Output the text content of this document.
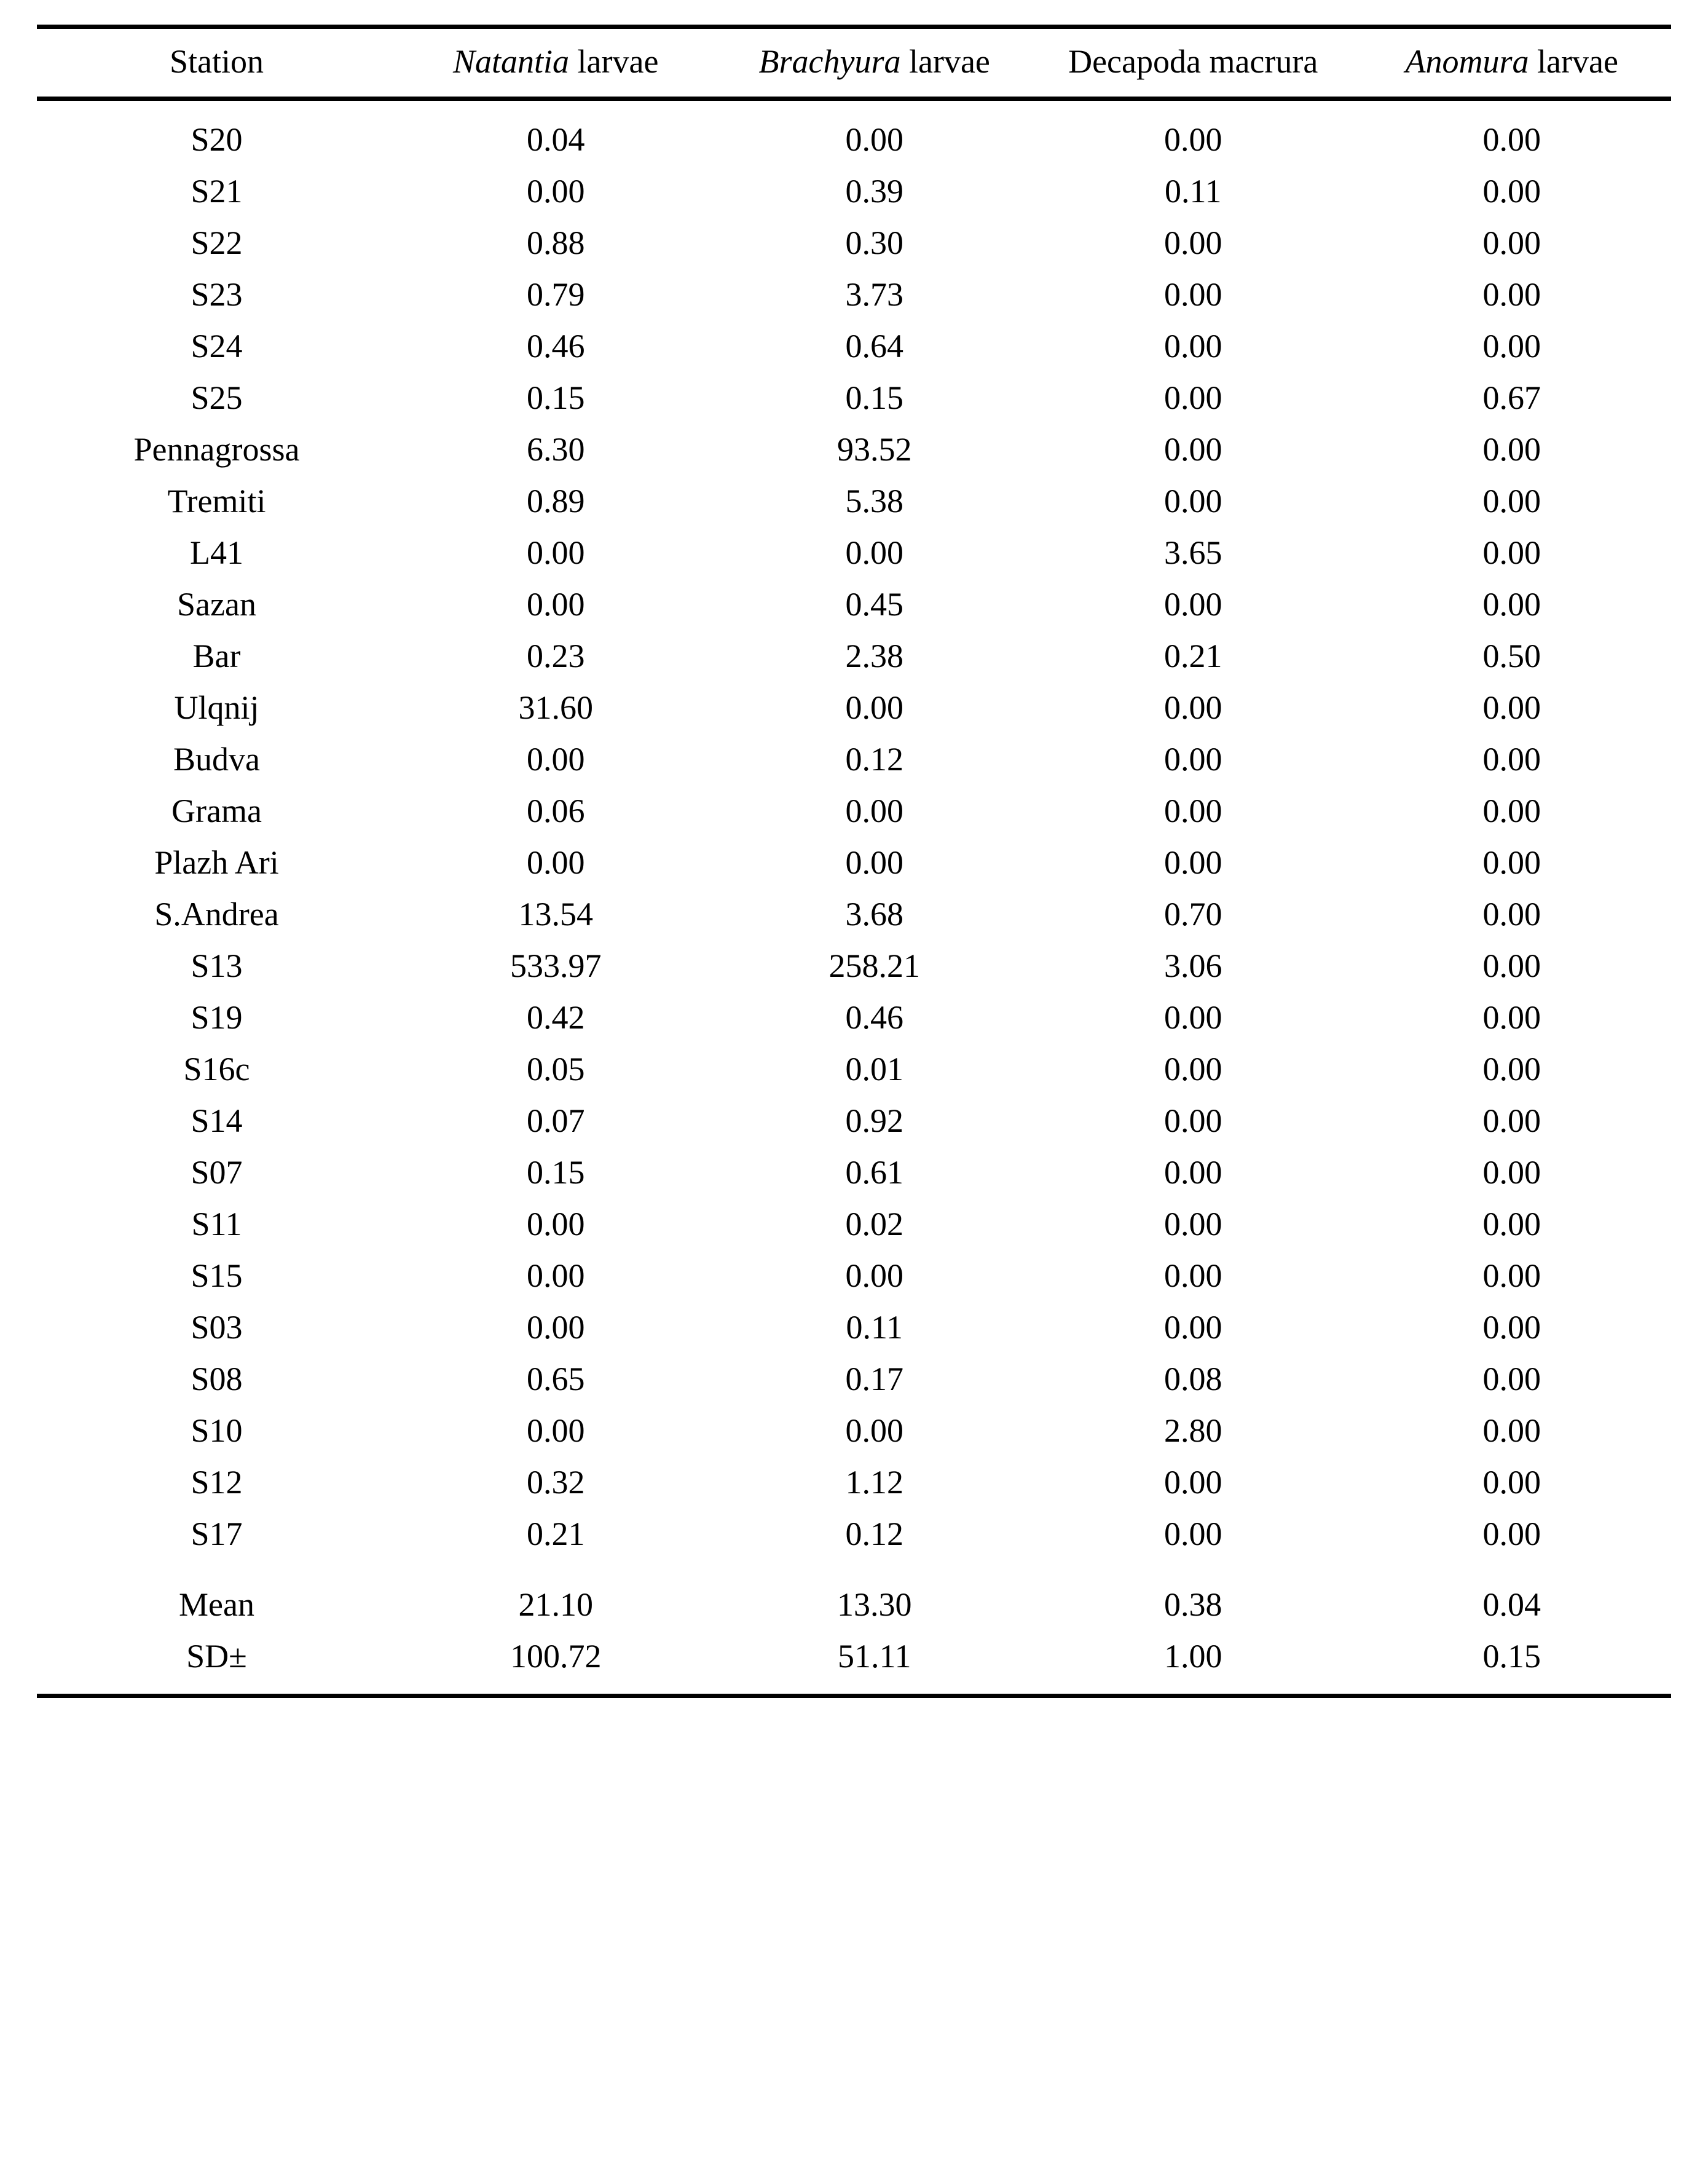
Station	Natantia larvae	Brachyura larvae	Decapoda macrura	Anomura larvae
S20	0.04	0.00	0.00	0.00
S21	0.00	0.39	0.11	0.00
S22	0.88	0.30	0.00	0.00
S23	0.79	3.73	0.00	0.00
S24	0.46	0.64	0.00	0.00
S25	0.15	0.15	0.00	0.67
Pennagrossa	6.30	93.52	0.00	0.00
Tremiti	0.89	5.38	0.00	0.00
L41	0.00	0.00	3.65	0.00
Sazan	0.00	0.45	0.00	0.00
Bar	0.23	2.38	0.21	0.50
Ulqnij	31.60	0.00	0.00	0.00
Budva	0.00	0.12	0.00	0.00
Grama	0.06	0.00	0.00	0.00
Plazh Ari	0.00	0.00	0.00	0.00
S.Andrea	13.54	3.68	0.70	0.00
S13	533.97	258.21	3.06	0.00
S19	0.42	0.46	0.00	0.00
S16c	0.05	0.01	0.00	0.00
S14	0.07	0.92	0.00	0.00
S07	0.15	0.61	0.00	0.00
S11	0.00	0.02	0.00	0.00
S15	0.00	0.00	0.00	0.00
S03	0.00	0.11	0.00	0.00
S08	0.65	0.17	0.08	0.00
S10	0.00	0.00	2.80	0.00
S12	0.32	1.12	0.00	0.00
S17	0.21	0.12	0.00	0.00
Mean	21.10	13.30	0.38	0.04
SD±	100.72	51.11	1.00	0.15
